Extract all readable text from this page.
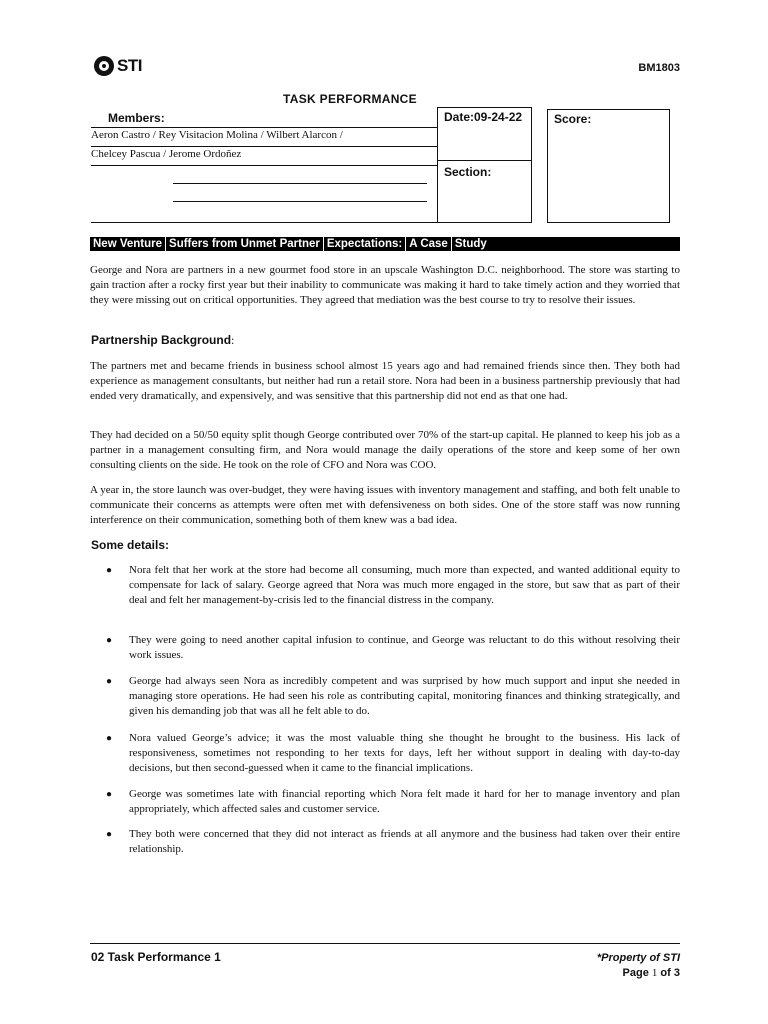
STI	BM1803
TASK PERFORMANCE
Members:
Aeron Castro / Rey Visitacion Molina / Wilbert Alarcon /
Chelcey Pascua / Jerome Ordoñez
Date:09-24-22
Section:
Score:
New Venture Suffers from Unmet Partner Expectations: A Case Study

George and Nora are partners in a new gourmet food store in an upscale Washington D.C. neighborhood. The store was starting to gain traction after a rocky first year but their inability to communicate was making it hard to take timely action and they worried that they were missing out on critical opportunities. They agreed that mediation was the best course to try to resolve their issues.

Partnership Background:

The partners met and became friends in business school almost 15 years ago and had remained friends since then. They both had experience as management consultants, but neither had run a retail store. Nora had been in a business partnership previously that had ended very dramatically, and expensively, and was sensitive that this partnership did not end as that one had.

They had decided on a 50/50 equity split though George contributed over 70% of the start-up capital. He planned to keep his job as a partner in a management consulting firm, and Nora would manage the daily operations of the store and keep some of her own consulting clients on the side. He took on the role of CFO and Nora was COO.

A year in, the store launch was over-budget, they were having issues with inventory management and staffing, and both felt unable to communicate their concerns as attempts were often met with defensiveness on both sides. One of the store staff was now running interference on their communication, something both of them knew was a bad idea.

Some details:
●	Nora felt that her work at the store had become all consuming, much more than expected, and wanted additional equity to compensate for lack of salary. George agreed that Nora was much more engaged in the store, but saw that as part of their deal and felt her management-by-crisis led to the financial distress in the company.
●	They were going to need another capital infusion to continue, and George was reluctant to do this without resolving their work issues.
●	George had always seen Nora as incredibly competent and was surprised by how much support and input she needed in managing store operations. He had seen his role as contributing capital, monitoring finances and thinking strategically, and given his demanding job that was all he felt able to do.
●	Nora valued George’s advice; it was the most valuable thing she thought he brought to the business. His lack of responsiveness, sometimes not responding to her texts for days, left her without support in dealing with day-to-day decisions, but then second-guessed when it came to the financial implications.
●	George was sometimes late with financial reporting which Nora felt made it hard for her to manage inventory and plan appropriately, which affected sales and customer service.
●	They both were concerned that they did not interact as friends at all anymore and the business had taken over their entire relationship.
02 Task Performance 1	*Property of STI
Page 1 of 3
